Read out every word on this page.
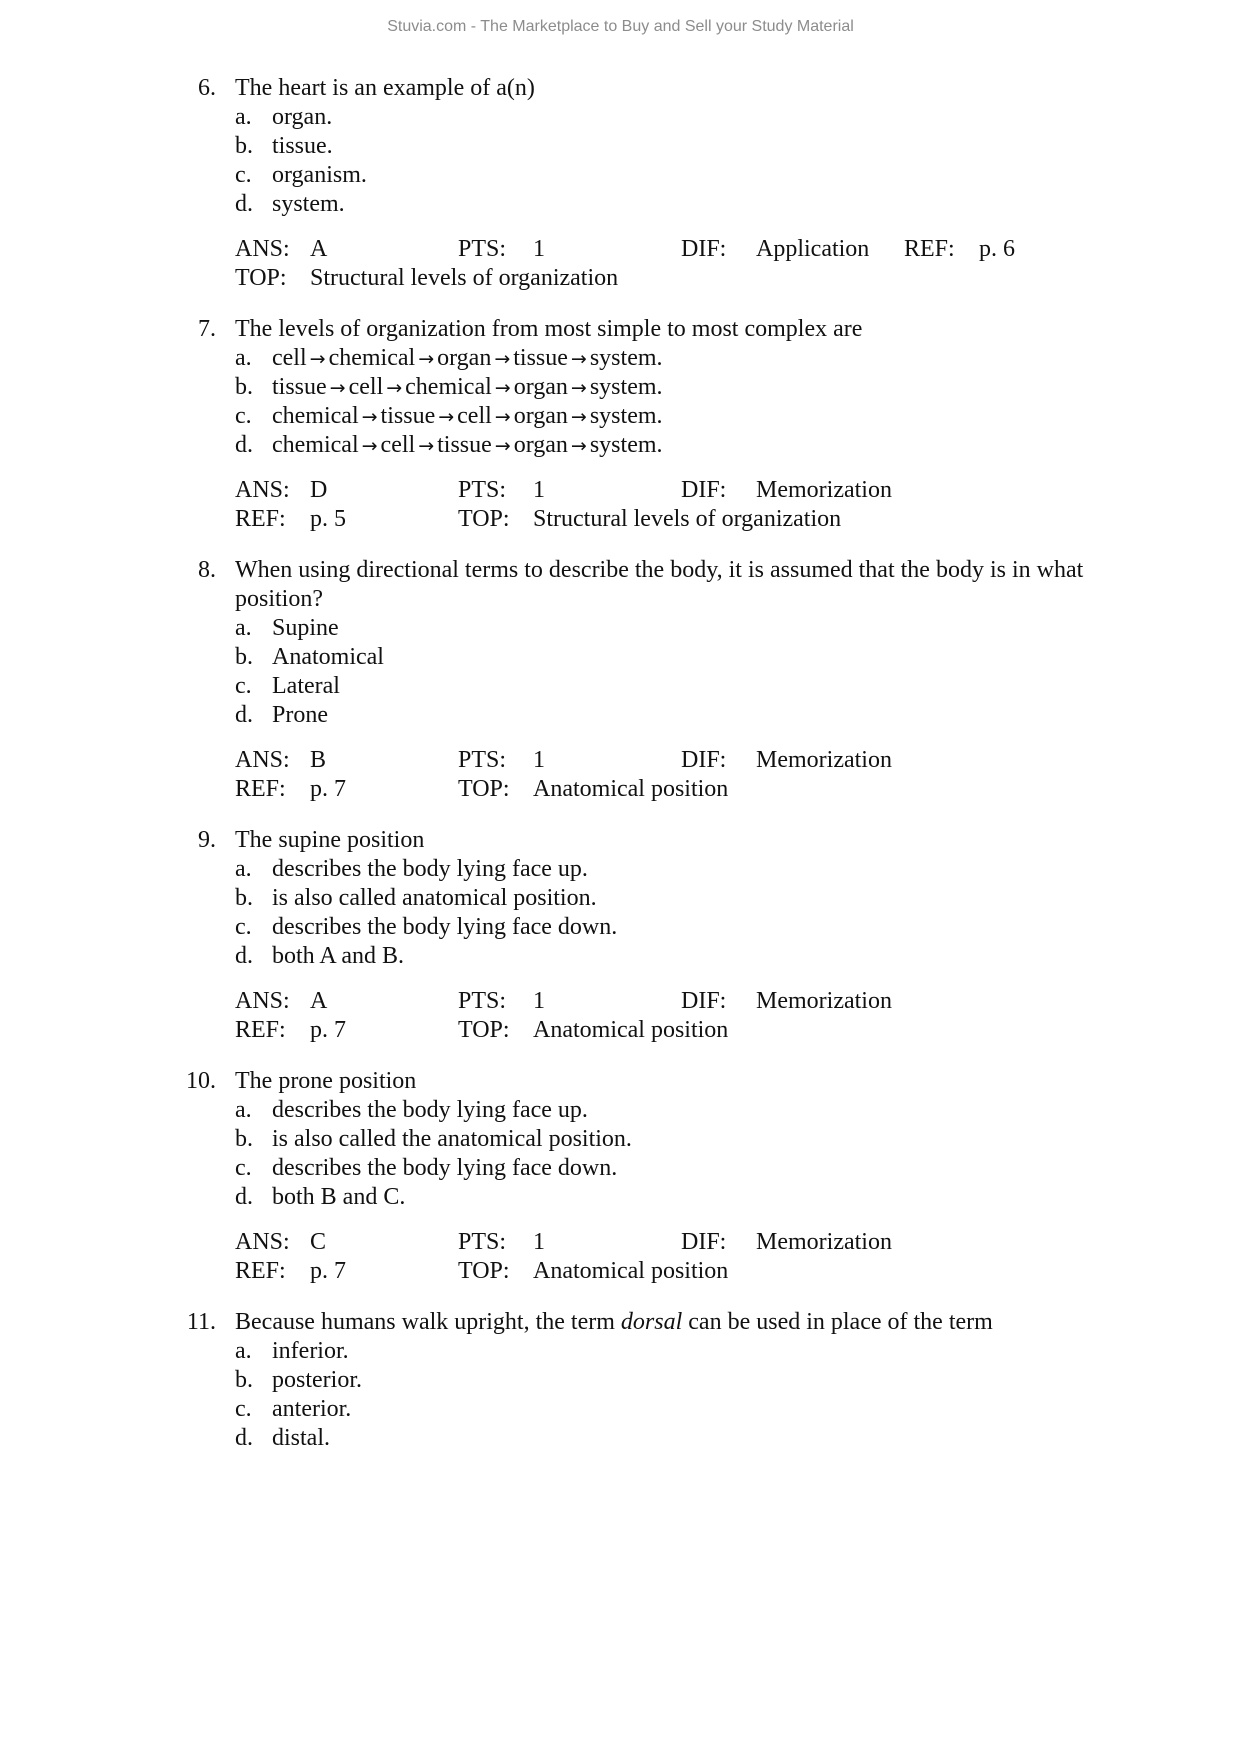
Stuvia.com - The Marketplace to Buy and Sell your Study Material
6. The heart is an example of a(n)
a. organ.
b. tissue.
c. organism.
d. system.
ANS: A	PTS: 1	DIF: Application REF: p. 6
TOP: Structural levels of organization
7. The levels of organization from most simple to most complex are
a. cell → chemical → organ → tissue → system.
b. tissue → cell → chemical → organ → system.
c. chemical → tissue → cell → organ → system.
d. chemical → cell → tissue → organ → system.
ANS: D	PTS: 1	DIF: Memorization
REF: p. 5	TOP: Structural levels of organization
8. When using directional terms to describe the body, it is assumed that the body is in what
position?
a. Supine
b. Anatomical
c. Lateral
d. Prone
ANS: B	PTS: 1	DIF: Memorization
REF: p. 7	TOP: Anatomical position
9. The supine position
a. describes the body lying face up.
b. is also called anatomical position.
c. describes the body lying face down.
d. both A and B.
ANS: A	PTS: 1	DIF: Memorization
REF: p. 7	TOP: Anatomical position
10. The prone position
a. describes the body lying face up.
b. is also called the anatomical position.
c. describes the body lying face down.
d. both B and C.
ANS: C	PTS: 1	DIF: Memorization
REF: p. 7	TOP: Anatomical position
11. Because humans walk upright, the term dorsal can be used in place of the term
a. inferior.
b. posterior.
c. anterior.
d. distal.
